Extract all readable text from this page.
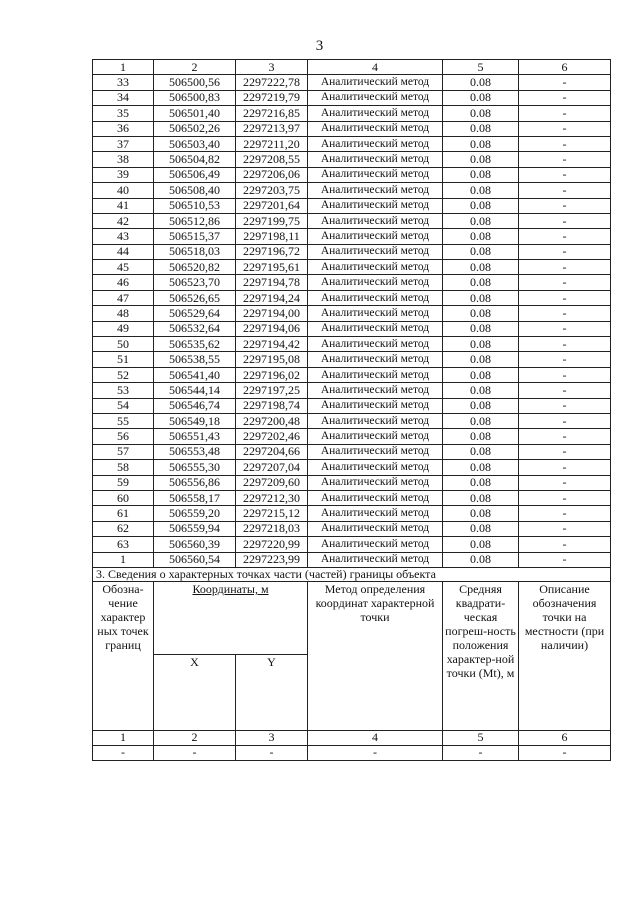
3
1	2	3	4	5	6
33	506500,56	2297222,78	Аналитический метод	0.08	-
34	506500,83	2297219,79	Аналитический метод	0.08	-
35	506501,40	2297216,85	Аналитический метод	0.08	-
36	506502,26	2297213,97	Аналитический метод	0.08	-
37	506503,40	2297211,20	Аналитический метод	0.08	-
38	506504,82	2297208,55	Аналитический метод	0.08	-
39	506506,49	2297206,06	Аналитический метод	0.08	-
40	506508,40	2297203,75	Аналитический метод	0.08	-
41	506510,53	2297201,64	Аналитический метод	0.08	-
42	506512,86	2297199,75	Аналитический метод	0.08	-
43	506515,37	2297198,11	Аналитический метод	0.08	-
44	506518,03	2297196,72	Аналитический метод	0.08	-
45	506520,82	2297195,61	Аналитический метод	0.08	-
46	506523,70	2297194,78	Аналитический метод	0.08	-
47	506526,65	2297194,24	Аналитический метод	0.08	-
48	506529,64	2297194,00	Аналитический метод	0.08	-
49	506532,64	2297194,06	Аналитический метод	0.08	-
50	506535,62	2297194,42	Аналитический метод	0.08	-
51	506538,55	2297195,08	Аналитический метод	0.08	-
52	506541,40	2297196,02	Аналитический метод	0.08	-
53	506544,14	2297197,25	Аналитический метод	0.08	-
54	506546,74	2297198,74	Аналитический метод	0.08	-
55	506549,18	2297200,48	Аналитический метод	0.08	-
56	506551,43	2297202,46	Аналитический метод	0.08	-
57	506553,48	2297204,66	Аналитический метод	0.08	-
58	506555,30	2297207,04	Аналитический метод	0.08	-
59	506556,86	2297209,60	Аналитический метод	0.08	-
60	506558,17	2297212,30	Аналитический метод	0.08	-
61	506559,20	2297215,12	Аналитический метод	0.08	-
62	506559,94	2297218,03	Аналитический метод	0.08	-
63	506560,39	2297220,99	Аналитический метод	0.08	-
1	506560,54	2297223,99	Аналитический метод	0.08	-
3. Сведения о характерных точках части (частей) границы объекта					
Обозна-чение характер ных точек границ	Координаты, м		Метод определения координат характерной точки	Средняя квадрати-ческая погреш-ность положения характер-ной точки (Mt), м	Описание обозначения точки на местности (при наличии)
	X	Y			
1	2	3	4	5	6
-	-	-	-	-	-
